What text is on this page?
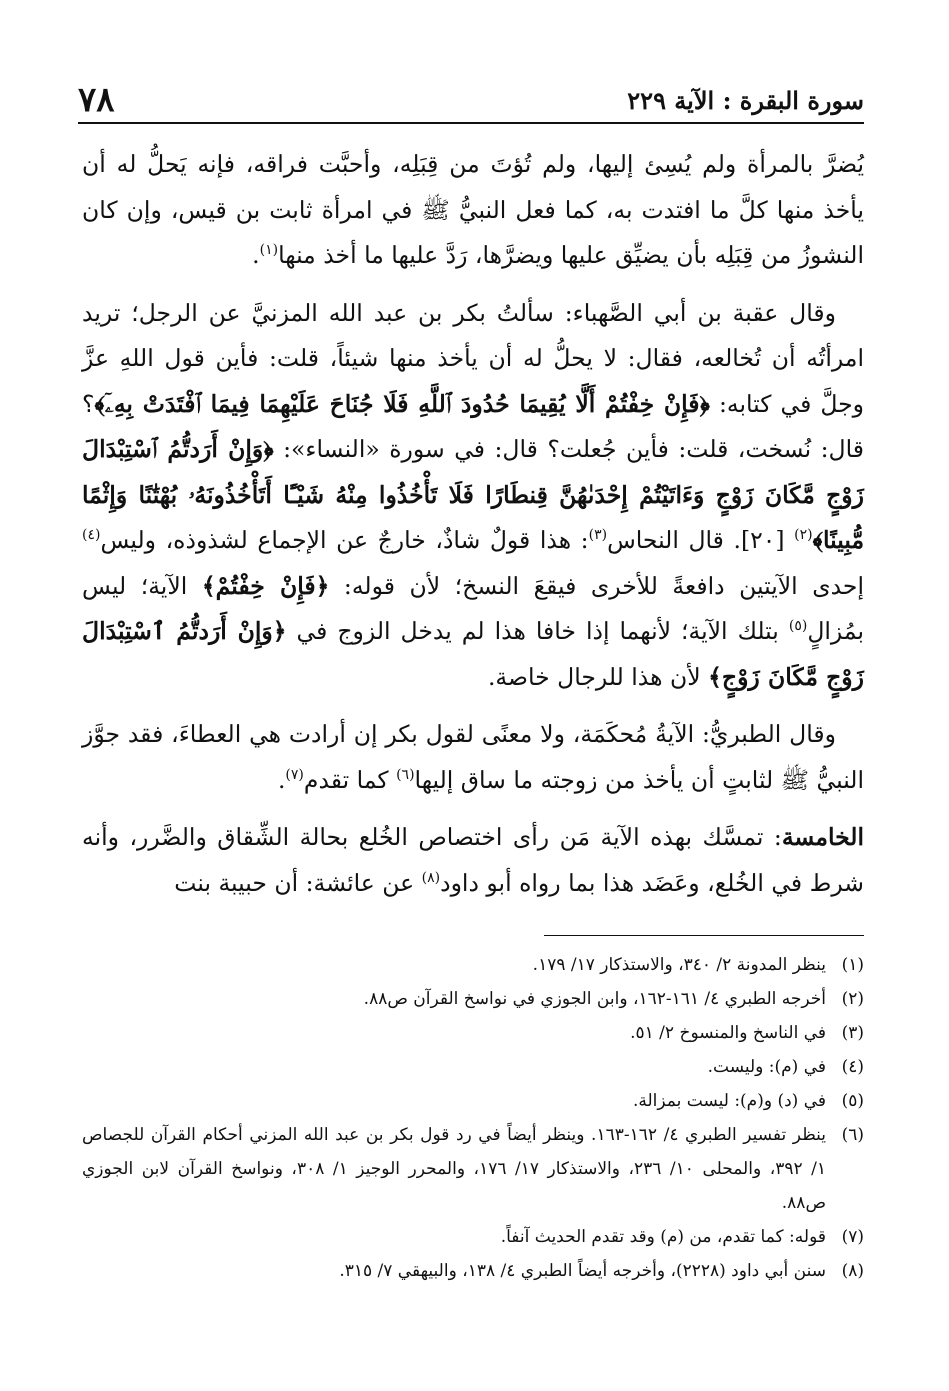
سورة البقرة : الآية ٢٢٩
٧٨

يُضرَّ بالمرأة ولم يُسِئ إليها، ولم تُؤتَ من قِبَلِه، وأحبَّت فراقه، فإنه يَحلُّ له أن يأخذ منها كلَّ ما افتدت به، كما فعل النبيُّ ﷺ في امرأة ثابت بن قيس، وإن كان النشوزُ من قِبَلِه بأن يضيِّق عليها ويضرَّها، رَدَّ عليها ما أخذ منها$^{(١)}$.

وقال عقبة بن أبي الصَّهباء: سألتُ بكر بن عبد الله المزنيَّ عن الرجل؛ تريد امرأتُه أن تُخالعه، فقال: لا يحلُّ له أن يأخذ منها شيئاً، قلت: فأين قول اللهِ عزَّ وجلَّ في كتابه: ﴿فَإِنْ خِفْتُمْ أَلَّا يُقِيمَا حُدُودَ ٱللَّهِ فَلَا جُنَاحَ عَلَيْهِمَا فِيمَا ٱفْتَدَتْ بِهِۦٓ﴾؟ قال: نُسخت، قلت: فأين جُعلت؟ قال: في سورة «النساء»: ﴿وَإِنْ أَرَدتُّمُ ٱسْتِبْدَالَ زَوْجٍ مَّكَانَ زَوْجٍ وَءَاتَيْتُمْ إِحْدَىٰهُنَّ قِنطَارًا فَلَا تَأْخُذُوا مِنْهُ شَيْـًٔا أَتَأْخُذُونَهُۥ بُهْتَٰنًا وَإِثْمًا مُّبِينًا﴾$^{(٢)}$ [٢٠]. قال النحاس$^{(٣)}$: هذا قولٌ شاذٌ، خارجٌ عن الإجماع لشذوذه، وليس$^{(٤)}$ إحدى الآيتين دافعةً للأخرى فيقعَ النسخ؛ لأن قوله: ﴿فَإِنْ خِفْتُمْ﴾ الآية؛ ليس بمُزالٍ$^{(٥)}$ بتلك الآية؛ لأنهما إذا خافا هذا لم يدخل الزوج في ﴿وَإِنْ أَرَدتُّمُ ٱسْتِبْدَالَ زَوْجٍ مَّكَانَ زَوْجٍ﴾ لأن هذا للرجال خاصة.

وقال الطبريُّ: الآيةُ مُحكَمَة، ولا معنًى لقول بكر إن أرادت هي العطاءَ، فقد جوَّز النبيُّ ﷺ لثابتٍ أن يأخذ من زوجته ما ساق إليها$^{(٦)}$ كما تقدم$^{(٧)}$.

الخامسة: تمسَّك بهذه الآية مَن رأى اختصاص الخُلع بحالة الشِّقاق والضَّرر، وأنه شرط في الخُلع، وعَضَد هذا بما رواه أبو داود$^{(٨)}$ عن عائشة: أن حبيبة بنت

(١)
ينظر المدونة ٢/ ٣٤٠، والاستذكار ١٧/ ١٧٩.
(٢)
أخرجه الطبري ٤/ ١٦١-١٦٢، وابن الجوزي في نواسخ القرآن ص٨٨.
(٣)
في الناسخ والمنسوخ ٢/ ٥١.
(٤)
في (م): وليست.
(٥)
في (د) و(م): ليست بمزالة.
(٦)
ينظر تفسير الطبري ٤/ ١٦٢-١٦٣. وينظر أيضاً في رد قول بكر بن عبد الله المزني أحكام القرآن للجصاص ١/ ٣٩٢، والمحلى ١٠/ ٢٣٦، والاستذكار ١٧/ ١٧٦، والمحرر الوجيز ١/ ٣٠٨، ونواسخ القرآن لابن الجوزي ص٨٨.
(٧)
قوله: كما تقدم، من (م) وقد تقدم الحديث آنفاً.
(٨)
سنن أبي داود (٢٢٢٨)، وأخرجه أيضاً الطبري ٤/ ١٣٨، والبيهقي ٧/ ٣١٥.
